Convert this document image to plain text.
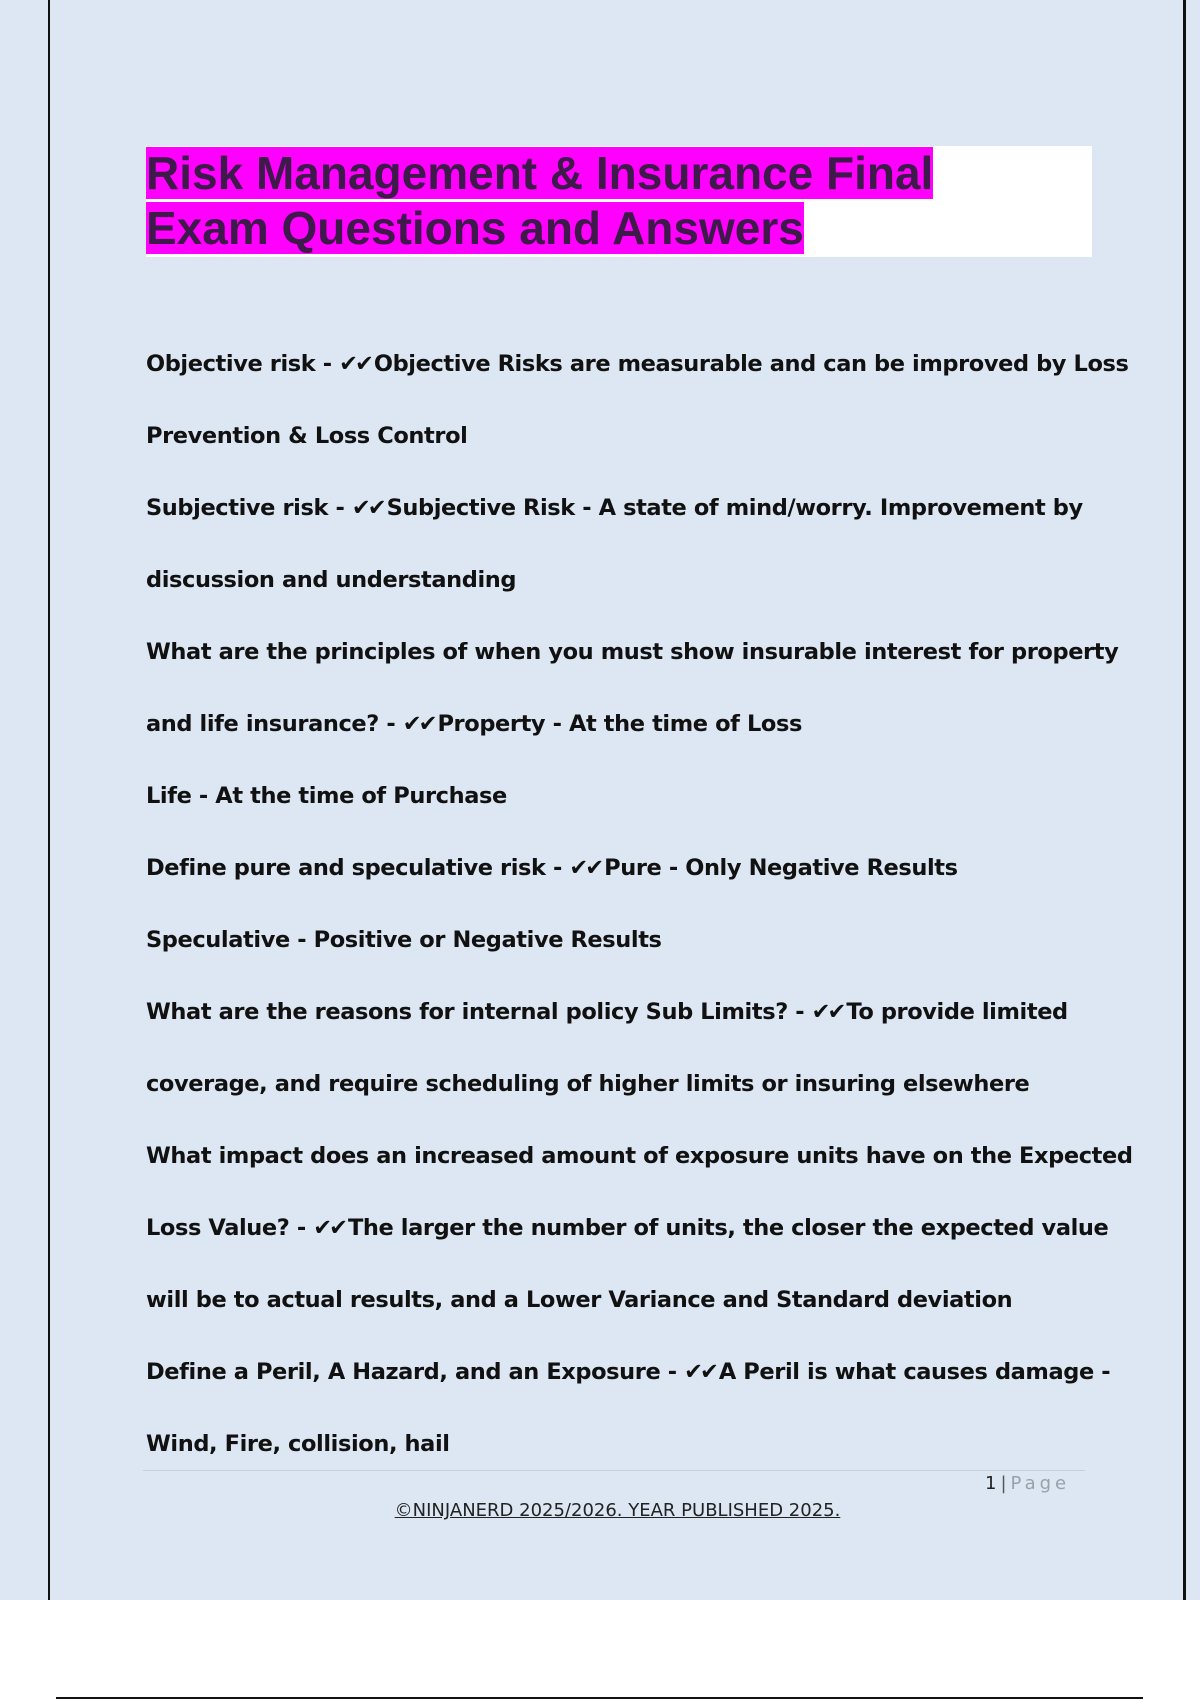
Risk Management & Insurance Final
Exam Questions and Answers
Objective risk - ✔✔ Objective Risks are measurable and can be improved by Loss
Prevention & Loss Control
Subjective risk - ✔✔ Subjective Risk - A state of mind/worry. Improvement by
discussion and understanding
What are the principles of when you must show insurable interest for property
and life insurance? - ✔✔ Property - At the time of Loss
Life - At the time of Purchase
Define pure and speculative risk - ✔✔ Pure - Only Negative Results
Speculative - Positive or Negative Results
What are the reasons for internal policy Sub Limits? - ✔✔ To provide limited
coverage, and require scheduling of higher limits or insuring elsewhere
What impact does an increased amount of exposure units have on the Expected
Loss Value? - ✔✔ The larger the number of units, the closer the expected value
will be to actual results, and a Lower Variance and Standard deviation
Define a Peril, A Hazard, and an Exposure - ✔✔ A Peril is what causes damage -
Wind, Fire, collision, hail
1 | Page
©NINJANERD 2025/2026. YEAR PUBLISHED 2025.
